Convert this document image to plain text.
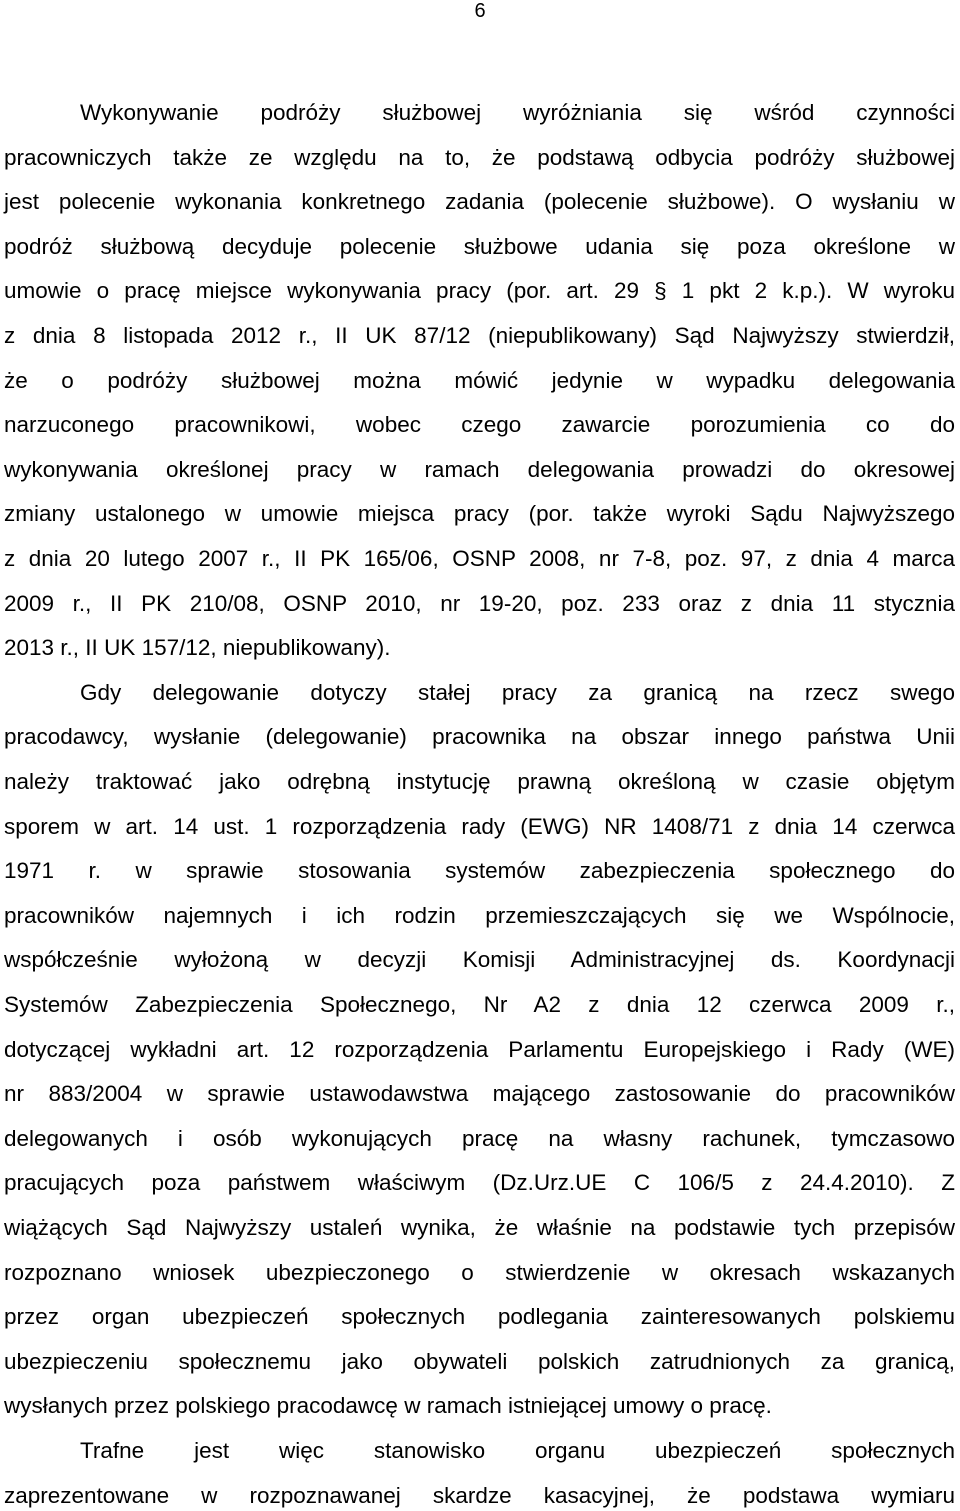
6
Wykonywanie podróży służbowej wyróżniania się wśród czynności
pracowniczych także ze względu na to, że podstawą odbycia podróży służbowej
jest polecenie wykonania konkretnego zadania (polecenie służbowe). O wysłaniu w
podróż służbową decyduje polecenie służbowe udania się poza określone w
umowie o pracę miejsce wykonywania pracy (por. art. 29 § 1 pkt 2 k.p.). W wyroku
z dnia 8 listopada 2012 r., II UK 87/12 (niepublikowany) Sąd Najwyższy stwierdził,
że o podróży służbowej można mówić jedynie w wypadku delegowania
narzuconego pracownikowi, wobec czego zawarcie porozumienia co do
wykonywania określonej pracy w ramach delegowania prowadzi do okresowej
zmiany ustalonego w umowie miejsca pracy (por. także wyroki Sądu Najwyższego
z dnia 20 lutego 2007 r., II PK 165/06, OSNP 2008, nr 7-8, poz. 97, z dnia 4 marca
2009 r., II PK 210/08, OSNP 2010, nr 19-20, poz. 233 oraz z dnia 11 stycznia
2013 r., II UK 157/12, niepublikowany).
Gdy delegowanie dotyczy stałej pracy za granicą na rzecz swego
pracodawcy, wysłanie (delegowanie) pracownika na obszar innego państwa Unii
należy traktować jako odrębną instytucję prawną określoną w czasie objętym
sporem w art. 14 ust. 1 rozporządzenia rady (EWG) NR 1408/71 z dnia 14 czerwca
1971 r. w sprawie stosowania systemów zabezpieczenia społecznego do
pracowników najemnych i ich rodzin przemieszczających się we Wspólnocie,
współcześnie wyłożoną w decyzji Komisji Administracyjnej ds. Koordynacji
Systemów Zabezpieczenia Społecznego, Nr A2 z dnia 12 czerwca 2009 r.,
dotyczącej wykładni art. 12 rozporządzenia Parlamentu Europejskiego i Rady (WE)
nr 883/2004 w sprawie ustawodawstwa mającego zastosowanie do pracowników
delegowanych i osób wykonujących pracę na własny rachunek, tymczasowo
pracujących poza państwem właściwym (Dz.Urz.UE C 106/5 z 24.4.2010). Z
wiążących Sąd Najwyższy ustaleń wynika, że właśnie na podstawie tych przepisów
rozpoznano wniosek ubezpieczonego o stwierdzenie w okresach wskazanych
przez organ ubezpieczeń społecznych podlegania zainteresowanych polskiemu
ubezpieczeniu społecznemu jako obywateli polskich zatrudnionych za granicą,
wysłanych przez polskiego pracodawcę w ramach istniejącej umowy o pracę.
Trafne jest więc stanowisko organu ubezpieczeń społecznych
zaprezentowane w rozpoznawanej skardze kasacyjnej, że podstawa wymiaru
